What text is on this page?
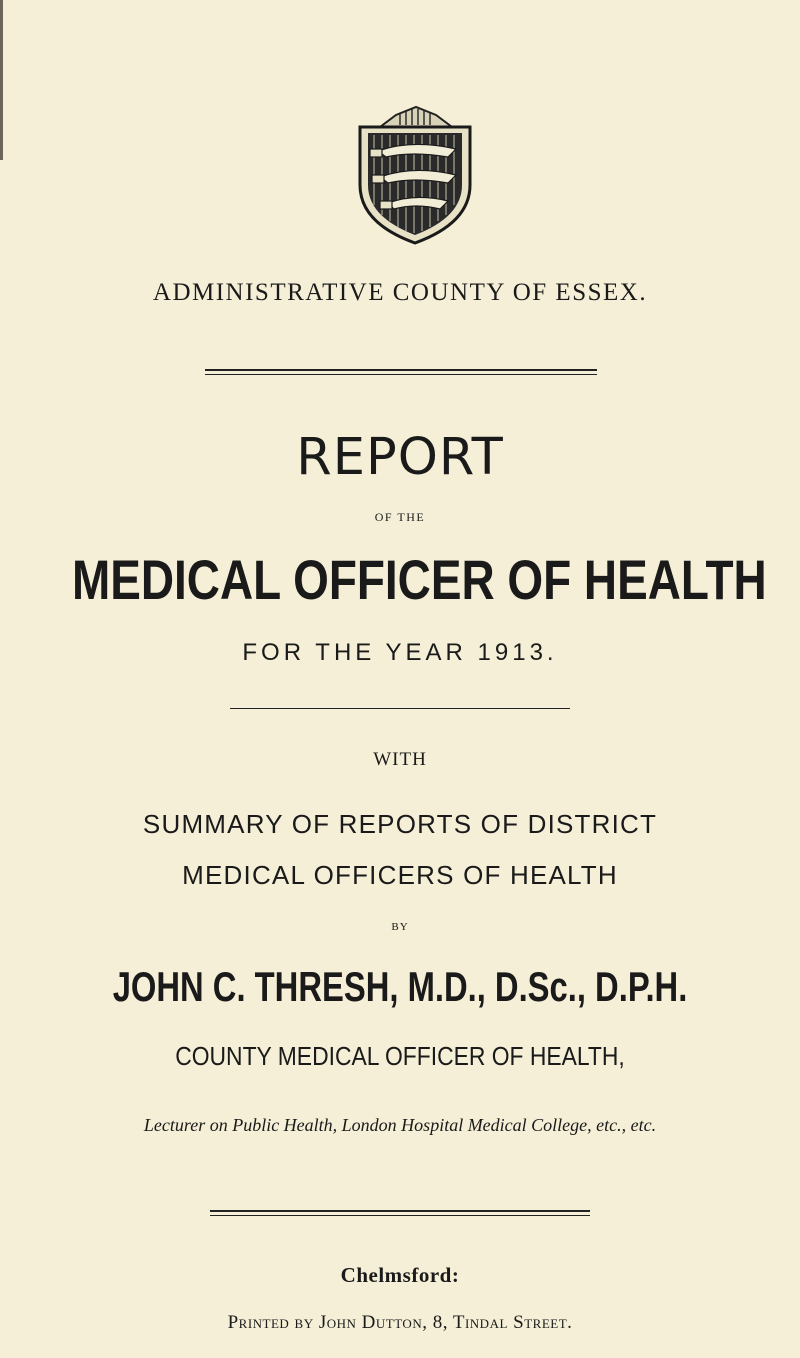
ADMINISTRATIVE COUNTY OF ESSEX.
REPORT
OF THE
MEDICAL OFFICER OF HEALTH
FOR THE YEAR 1913.
WITH
SUMMARY OF REPORTS OF DISTRICT
MEDICAL OFFICERS OF HEALTH
BY
JOHN C. THRESH, M.D., D.Sc., D.P.H.
COUNTY MEDICAL OFFICER OF HEALTH,
Lecturer on Public Health, London Hospital Medical College, etc., etc.
Chelmsford:
Printed by John Dutton, 8, Tindal Street.
